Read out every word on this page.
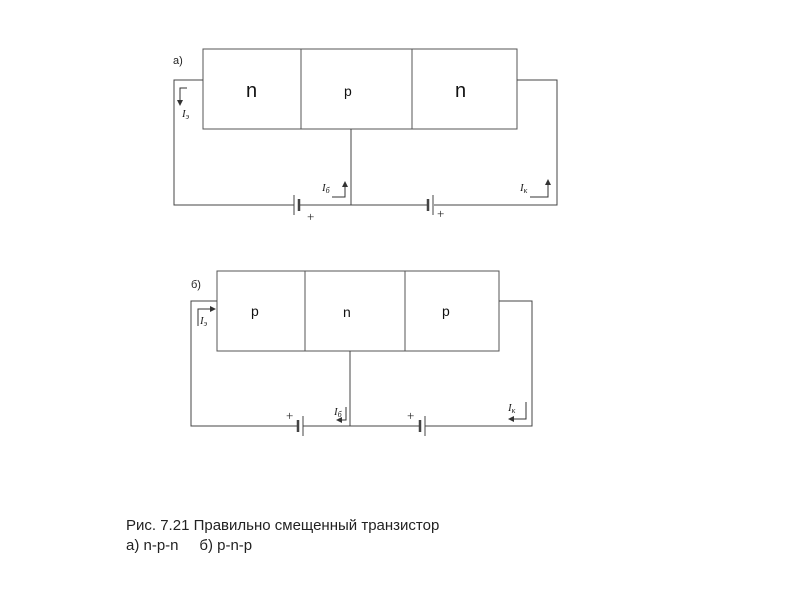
а)
n	p	n
+	+
Iэ
Iб	Iк
б)
p	n	p
+	+
Iэ
Iб
Iк
Рис. 7.21 Правильно смещенный транзистор
а) n-p-n     б) p-n-p
